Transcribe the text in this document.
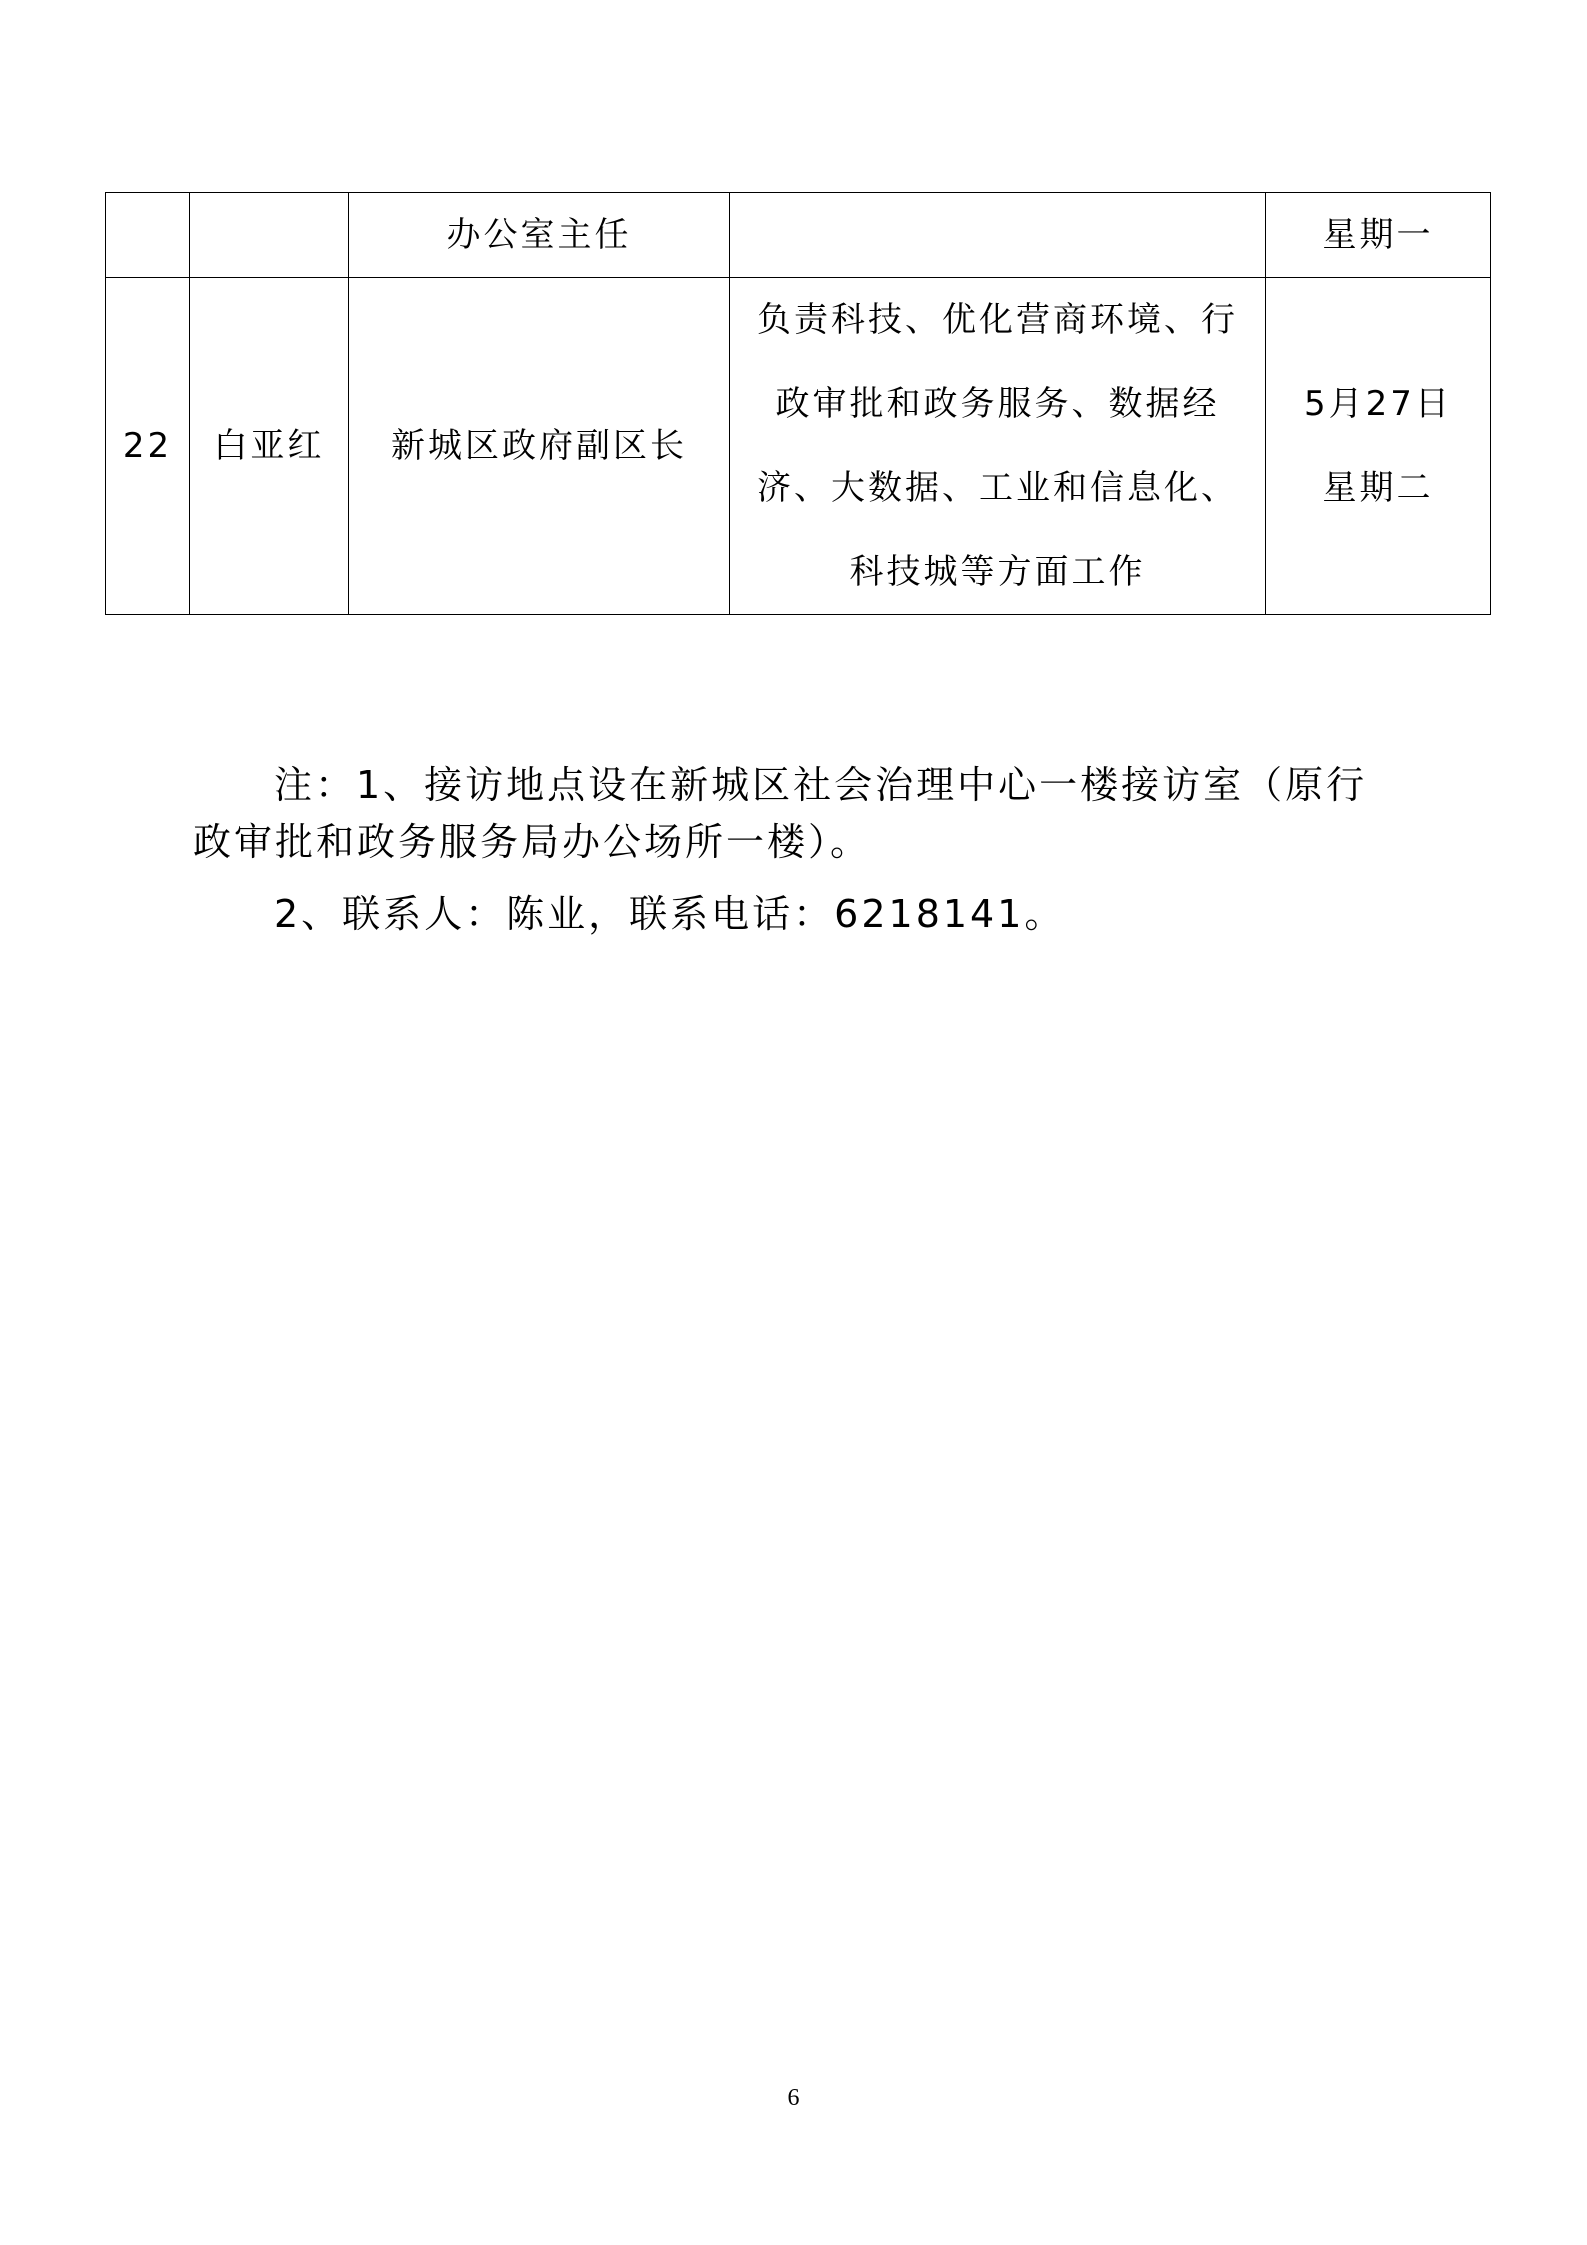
		办公室主任		星期一

22	白亚红	新城区政府副区长	负责科技、优化营商环境、行
政审批和政务服务、数据经
济、大数据、工业和信息化、
科技城等方面工作	5月27日
星期二
注：1、接访地点设在新城区社会治理中心一楼接访室（原行
政审批和政务服务局办公场所一楼）。
2、联系人：陈业，联系电话：6218141。
6
